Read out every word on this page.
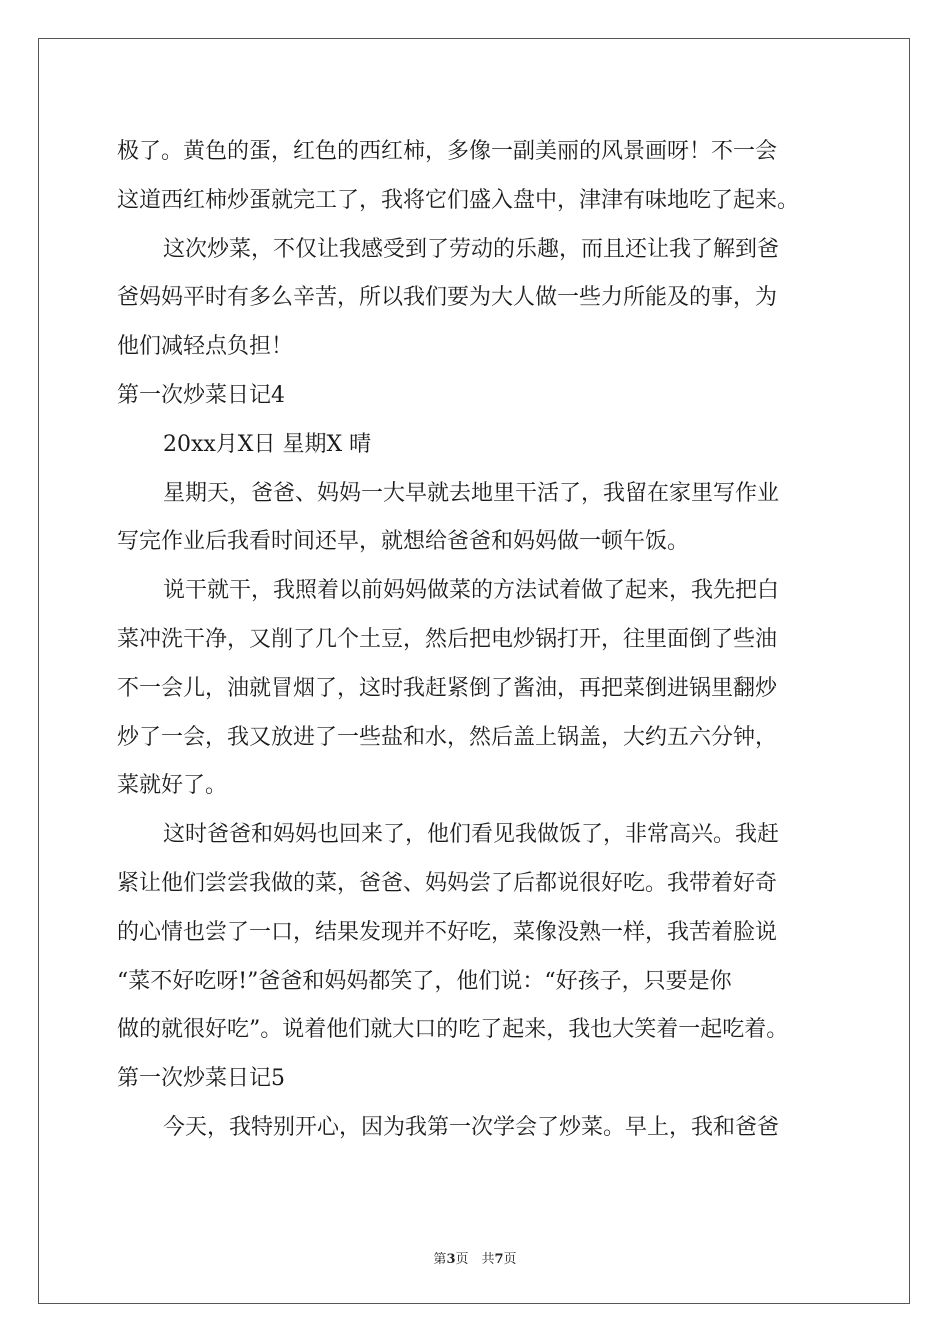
极了。黄色的蛋，红色的西红柿，多像一副美丽的风景画呀！不一会
这道西红柿炒蛋就完工了，我将它们盛入盘中，津津有味地吃了起来。
这次炒菜，不仅让我感受到了劳动的乐趣，而且还让我了解到爸
爸妈妈平时有多么辛苦，所以我们要为大人做一些力所能及的事，为
他们减轻点负担！
第一次炒菜日记4
20xx月X日 星期X 晴
星期天，爸爸、妈妈一大早就去地里干活了，我留在家里写作业
写完作业后我看时间还早，就想给爸爸和妈妈做一顿午饭。
说干就干，我照着以前妈妈做菜的方法试着做了起来，我先把白
菜冲洗干净，又削了几个土豆，然后把电炒锅打开，往里面倒了些油
不一会儿，油就冒烟了，这时我赶紧倒了酱油，再把菜倒进锅里翻炒
炒了一会，我又放进了一些盐和水，然后盖上锅盖，大约五六分钟，
菜就好了。
这时爸爸和妈妈也回来了，他们看见我做饭了，非常高兴。我赶
紧让他们尝尝我做的菜，爸爸、妈妈尝了后都说很好吃。我带着好奇
的心情也尝了一口，结果发现并不好吃，菜像没熟一样，我苦着脸说
“菜不好吃呀!”爸爸和妈妈都笑了，他们说：“好孩子，只要是你
做的就很好吃”。说着他们就大口的吃了起来，我也大笑着一起吃着。
第一次炒菜日记5
今天，我特别开心，因为我第一次学会了炒菜。早上，我和爸爸
第3页　共7页
